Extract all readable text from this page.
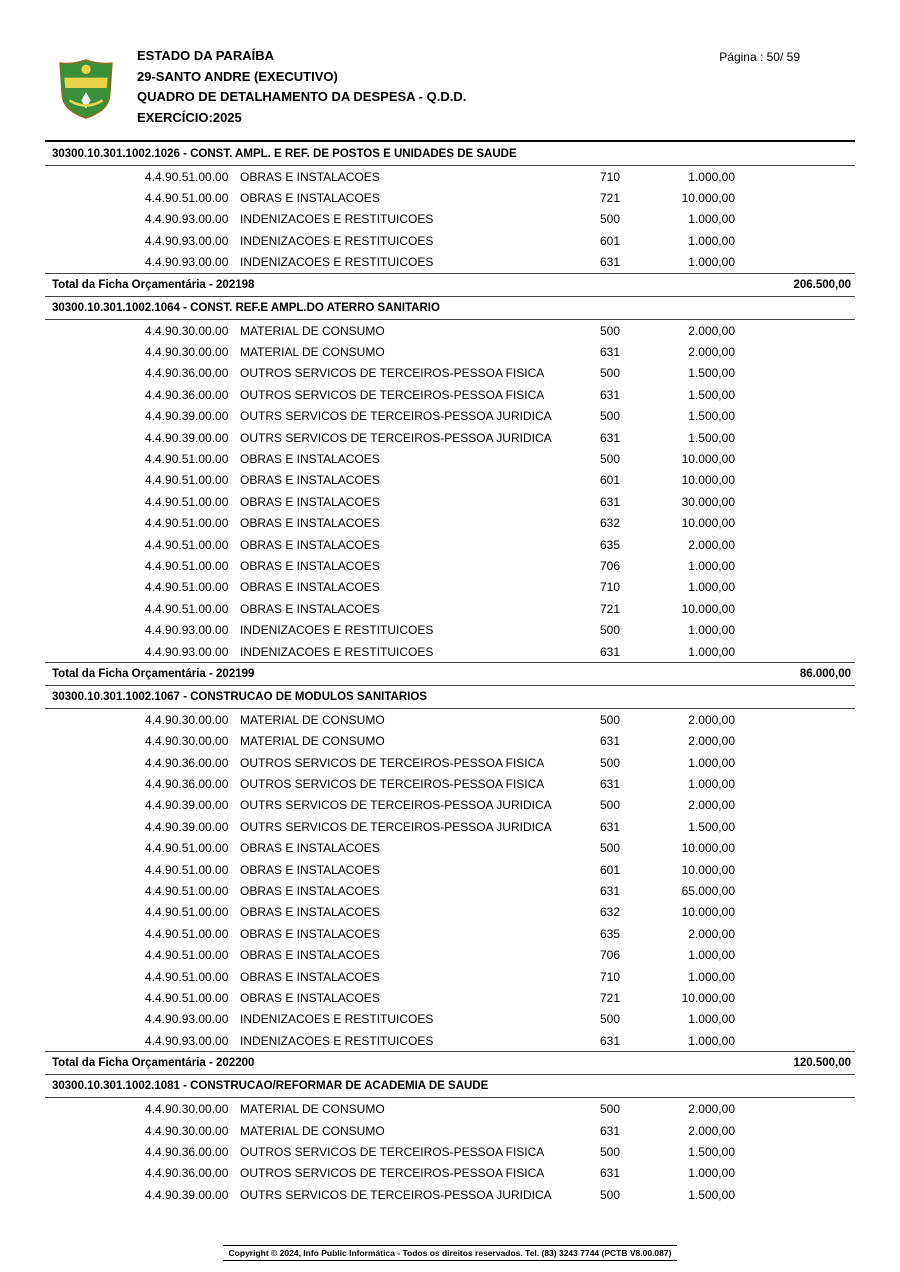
ESTADO DA PARAÍBA
29-SANTO ANDRE (EXECUTIVO)
QUADRO DE DETALHAMENTO DA DESPESA - Q.D.D.
EXERCÍCIO:2025
Página : 50/ 59
30300.10.301.1002.1026 - CONST. AMPL. E REF. DE POSTOS E UNIDADES DE SAUDE
4.4.90.51.00.00 OBRAS E INSTALACOES	710	1.000,00
4.4.90.51.00.00 OBRAS E INSTALACOES	721	10.000,00
4.4.90.93.00.00 INDENIZACOES E RESTITUICOES	500	1.000,00
4.4.90.93.00.00 INDENIZACOES E RESTITUICOES	601	1.000,00
4.4.90.93.00.00 INDENIZACOES E RESTITUICOES	631	1.000,00
Total da Ficha Orçamentária - 202198	206.500,00
30300.10.301.1002.1064 - CONST. REF.E AMPL.DO ATERRO SANITARIO
4.4.90.30.00.00 MATERIAL DE CONSUMO	500	2.000,00
4.4.90.30.00.00 MATERIAL DE CONSUMO	631	2.000,00
4.4.90.36.00.00 OUTROS SERVICOS DE TERCEIROS-PESSOA FISICA	500	1.500,00
4.4.90.36.00.00 OUTROS SERVICOS DE TERCEIROS-PESSOA FISICA	631	1.500,00
4.4.90.39.00.00 OUTRS SERVICOS DE TERCEIROS-PESSOA JURIDICA	500	1.500,00
4.4.90.39.00.00 OUTRS SERVICOS DE TERCEIROS-PESSOA JURIDICA	631	1.500,00
4.4.90.51.00.00 OBRAS E INSTALACOES	500	10.000,00
4.4.90.51.00.00 OBRAS E INSTALACOES	601	10.000,00
4.4.90.51.00.00 OBRAS E INSTALACOES	631	30.000,00
4.4.90.51.00.00 OBRAS E INSTALACOES	632	10.000,00
4.4.90.51.00.00 OBRAS E INSTALACOES	635	2.000,00
4.4.90.51.00.00 OBRAS E INSTALACOES	706	1.000,00
4.4.90.51.00.00 OBRAS E INSTALACOES	710	1.000,00
4.4.90.51.00.00 OBRAS E INSTALACOES	721	10.000,00
4.4.90.93.00.00 INDENIZACOES E RESTITUICOES	500	1.000,00
4.4.90.93.00.00 INDENIZACOES E RESTITUICOES	631	1.000,00
Total da Ficha Orçamentária - 202199	86.000,00
30300.10.301.1002.1067 - CONSTRUCAO DE MODULOS SANITARIOS
4.4.90.30.00.00 MATERIAL DE CONSUMO	500	2.000,00
4.4.90.30.00.00 MATERIAL DE CONSUMO	631	2.000,00
4.4.90.36.00.00 OUTROS SERVICOS DE TERCEIROS-PESSOA FISICA	500	1.000,00
4.4.90.36.00.00 OUTROS SERVICOS DE TERCEIROS-PESSOA FISICA	631	1.000,00
4.4.90.39.00.00 OUTRS SERVICOS DE TERCEIROS-PESSOA JURIDICA	500	2.000,00
4.4.90.39.00.00 OUTRS SERVICOS DE TERCEIROS-PESSOA JURIDICA	631	1.500,00
4.4.90.51.00.00 OBRAS E INSTALACOES	500	10.000,00
4.4.90.51.00.00 OBRAS E INSTALACOES	601	10.000,00
4.4.90.51.00.00 OBRAS E INSTALACOES	631	65.000,00
4.4.90.51.00.00 OBRAS E INSTALACOES	632	10.000,00
4.4.90.51.00.00 OBRAS E INSTALACOES	635	2.000,00
4.4.90.51.00.00 OBRAS E INSTALACOES	706	1.000,00
4.4.90.51.00.00 OBRAS E INSTALACOES	710	1.000,00
4.4.90.51.00.00 OBRAS E INSTALACOES	721	10.000,00
4.4.90.93.00.00 INDENIZACOES E RESTITUICOES	500	1.000,00
4.4.90.93.00.00 INDENIZACOES E RESTITUICOES	631	1.000,00
Total da Ficha Orçamentária - 202200	120.500,00
30300.10.301.1002.1081 - CONSTRUCAO/REFORMAR DE ACADEMIA DE SAUDE
4.4.90.30.00.00 MATERIAL DE CONSUMO	500	2.000,00
4.4.90.30.00.00 MATERIAL DE CONSUMO	631	2.000,00
4.4.90.36.00.00 OUTROS SERVICOS DE TERCEIROS-PESSOA FISICA	500	1.500,00
4.4.90.36.00.00 OUTROS SERVICOS DE TERCEIROS-PESSOA FISICA	631	1.000,00
4.4.90.39.00.00 OUTRS SERVICOS DE TERCEIROS-PESSOA JURIDICA	500	1.500,00
Copyright © 2024, Info Public Informática - Todos os direitos reservados. Tel. (83) 3243 7744 (PCTB V8.00.087)
